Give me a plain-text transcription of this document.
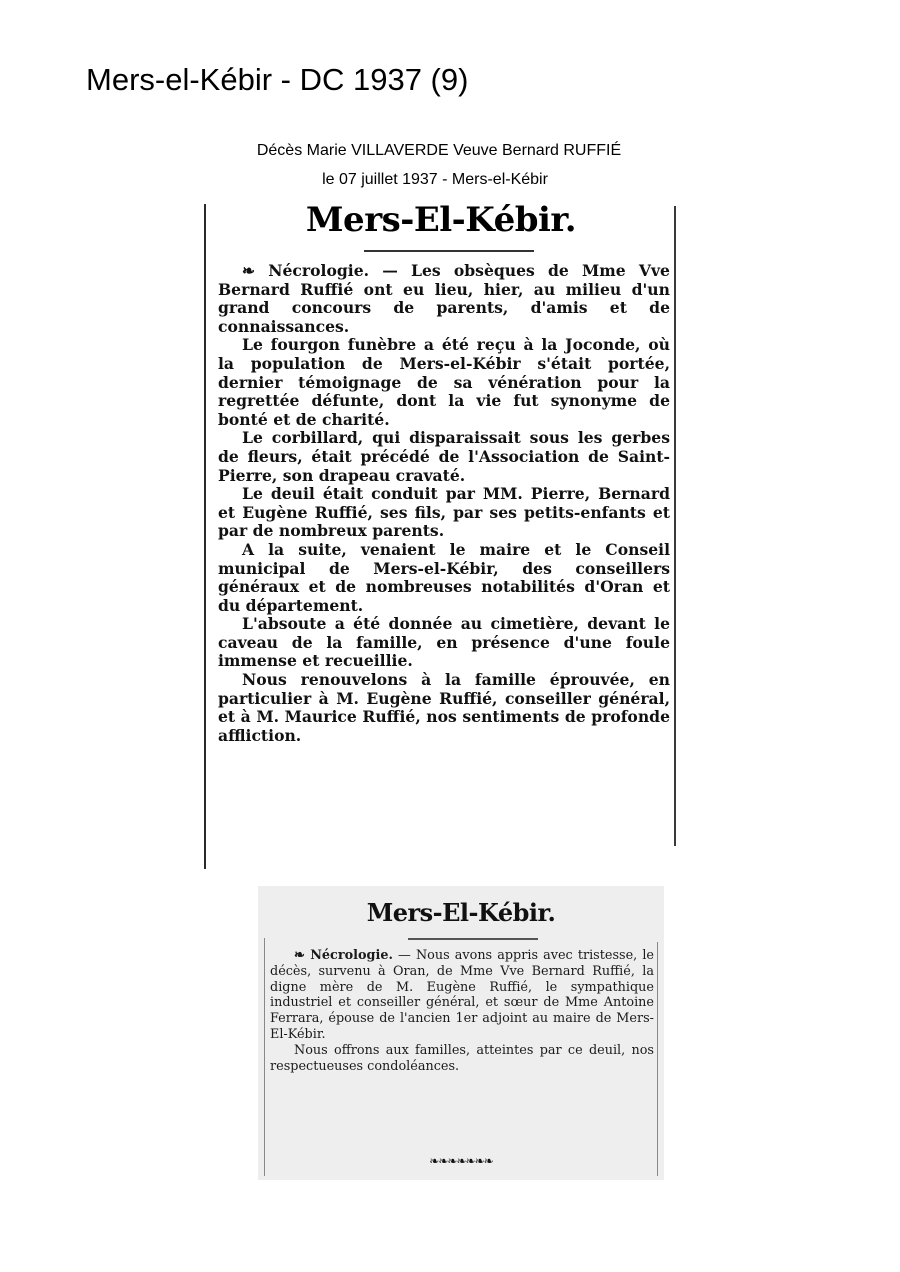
Mers-el-Kébir - DC 1937 (9)
Décès Marie VILLAVERDE Veuve Bernard RUFFIÉ
le 07 juillet 1937 - Mers-el-Kébir
Mers-El-Kébir.

❧ Nécrologie. — Les obsèques de Mme Vve Bernard Ruffié ont eu lieu, hier, au milieu d'un grand concours de parents, d'amis et de connaissances.

Le fourgon funèbre a été reçu à la Joconde, où la population de Mers-el-Kébir s'était portée, dernier témoignage de sa vénération pour la regrettée défunte, dont la vie fut synonyme de bonté et de charité.

Le corbillard, qui disparaissait sous les gerbes de fleurs, était précédé de l'Association de Saint-Pierre, son drapeau cravaté.

Le deuil était conduit par MM. Pierre, Bernard et Eugène Ruffié, ses fils, par ses petits-enfants et par de nombreux parents.

A la suite, venaient le maire et le Conseil municipal de Mers-el-Kébir, des conseillers généraux et de nombreuses notabilités d'Oran et du département.

L'absoute a été donnée au cimetière, devant le caveau de la famille, en présence d'une foule immense et recueillie.

Nous renouvelons à la famille éprouvée, en particulier à M. Eugène Ruffié, conseiller général, et à M. Maurice Ruffié, nos sentiments de profonde affliction.

Mers-El-Kébir.

❧ Nécrologie. — Nous avons appris avec tristesse, le décès, survenu à Oran, de Mme Vve Bernard Ruffié, la digne mère de M. Eugène Ruffié, le sympathique industriel et conseiller général, et sœur de Mme Antoine Ferrara, épouse de l'ancien 1er adjoint au maire de Mers-El-Kébir.

Nous offrons aux familles, atteintes par ce deuil, nos respectueuses condoléances.

❧❧❧❧❧❧❧
